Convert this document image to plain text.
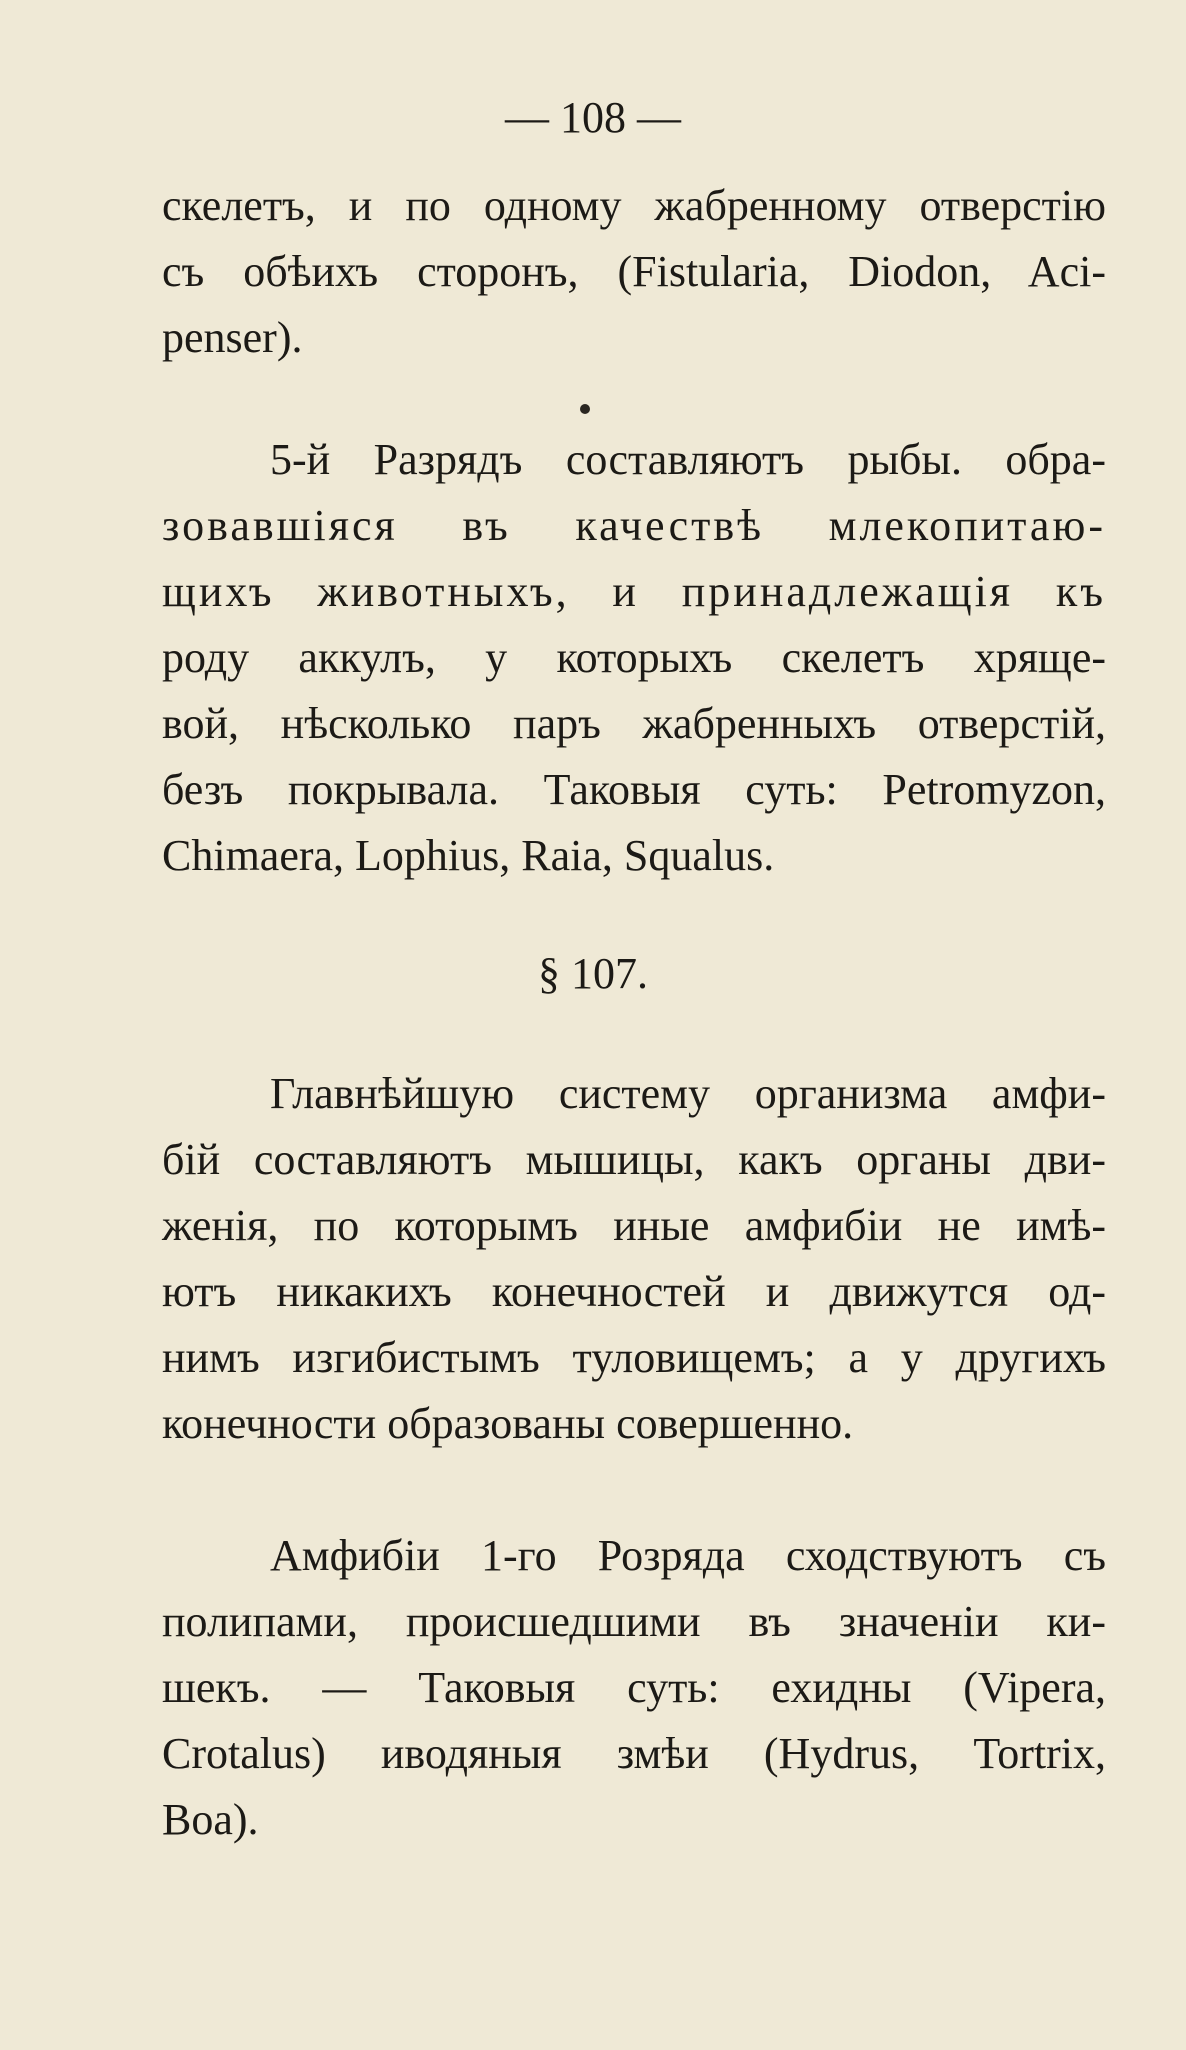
— 108 —
скелетъ, и по одному жабренному отверстію
съ обѣихъ сторонъ, (Fistularia, Diodon, Aci-
penser).
5-й Разрядъ составляютъ рыбы. обра-
зовавшіяся въ качествѣ млекопитаю-
щихъ животныхъ, и принадлежащія къ
роду аккулъ, у которыхъ скелетъ хряще-
вой, нѣсколько паръ жабренныхъ отверстій,
безъ покрывала. Таковыя суть: Petromyzon,
Chimaera, Lophius, Raia, Squalus.
§ 107.
Главнѣйшую систему организма амфи-
бій составляютъ мышицы, какъ органы дви-
женія, по которымъ иные амфибіи не имѣ-
ютъ никакихъ конечностей и движутся од-
нимъ изгибистымъ туловищемъ; а у другихъ
конечности образованы совершенно.
Амфибіи 1-го Розряда сходствуютъ съ
полипами, происшедшими въ значеніи ки-
шекъ. — Таковыя суть: ехидны (Vipera,
Crotalus) иводяныя змѣи (Hydrus, Tortrix,
Boa).
